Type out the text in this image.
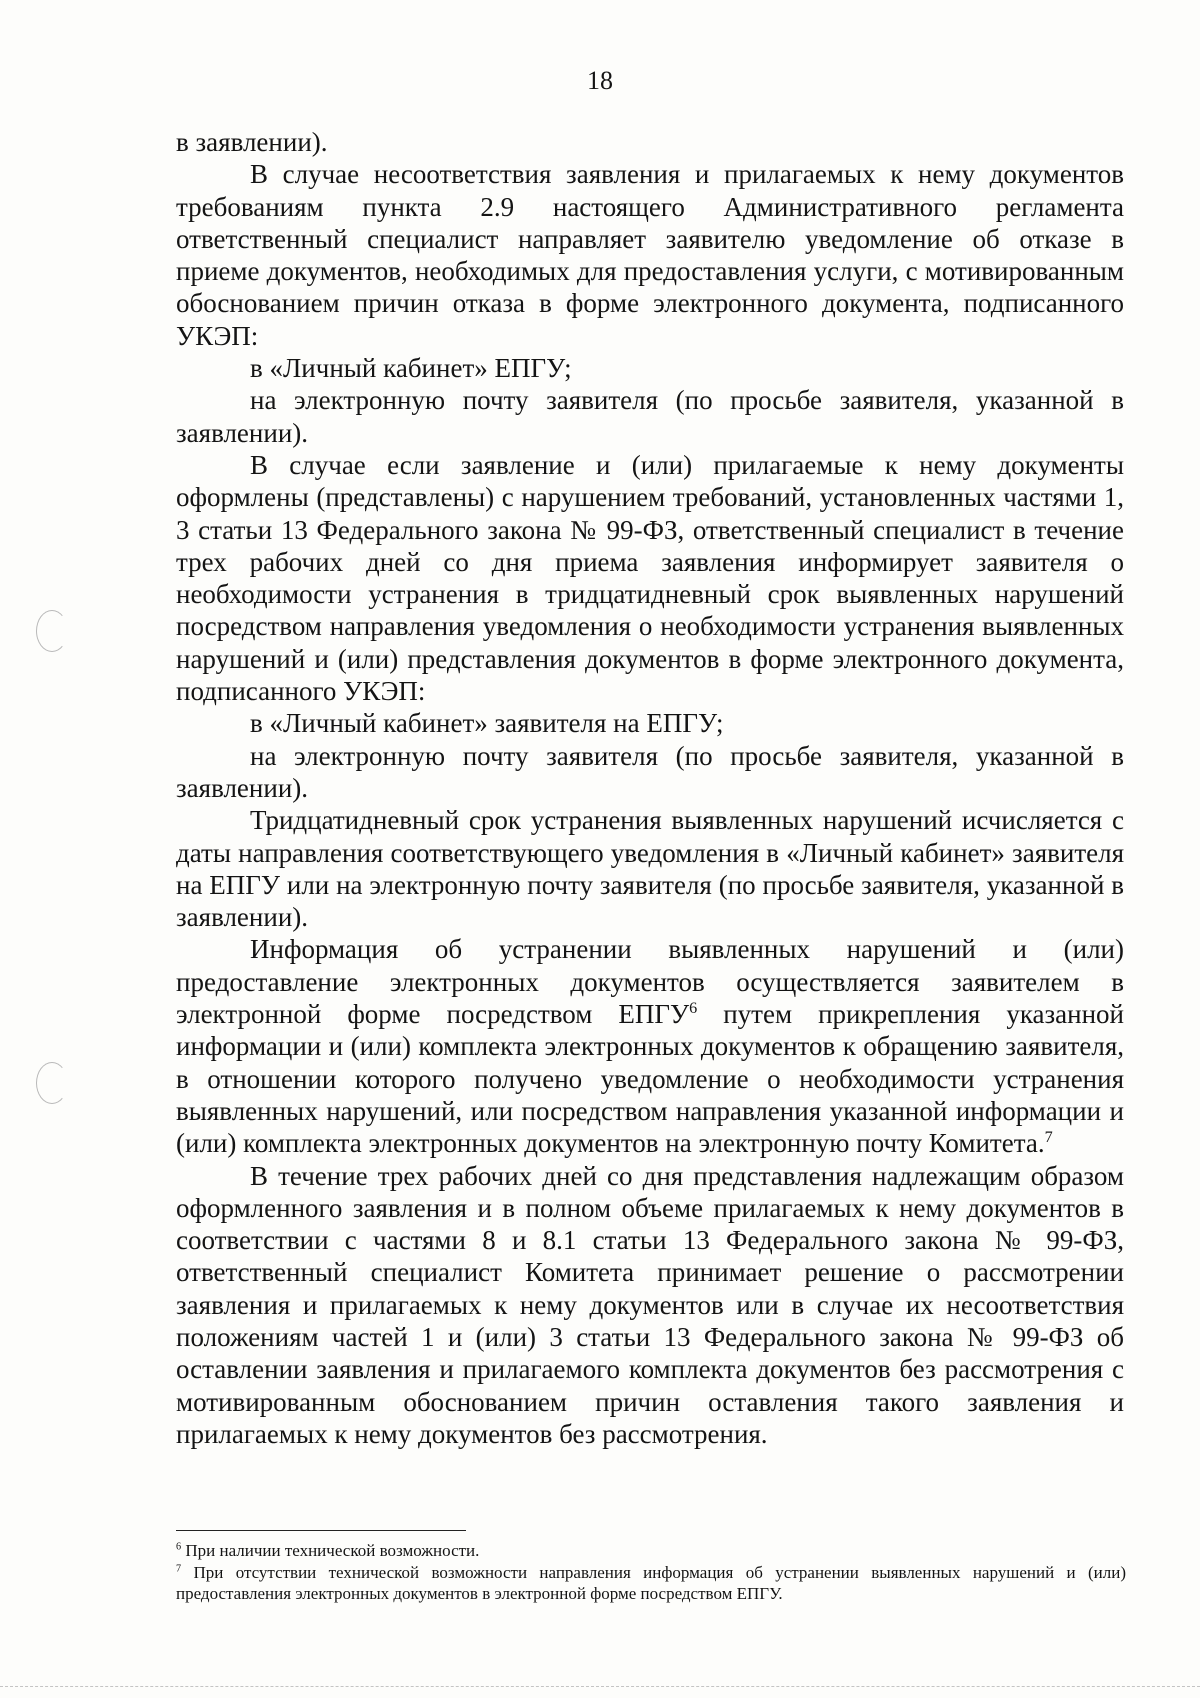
18

в заявлении).

В случае несоответствия заявления и прилагаемых к нему документов требованиям пункта 2.9 настоящего Административного регламента ответственный специалист направляет заявителю уведомление об отказе в приеме документов, необходимых для предоставления услуги, с мотивированным обоснованием причин отказа в форме электронного документа, подписанного УКЭП:

в «Личный кабинет» ЕПГУ;

на электронную почту заявителя (по просьбе заявителя, указанной в заявлении).

В случае если заявление и (или) прилагаемые к нему документы оформлены (представлены) с нарушением требований, установленных частями 1, 3 статьи 13 Федерального закона № 99-ФЗ, ответственный специалист в течение трех рабочих дней со дня приема заявления информирует заявителя о необходимости устранения в тридцатидневный срок выявленных нарушений посредством направления уведомления о необходимости устранения выявленных нарушений и (или) представления документов в форме электронного документа, подписанного УКЭП:

в «Личный кабинет» заявителя на ЕПГУ;

на электронную почту заявителя (по просьбе заявителя, указанной в заявлении).

Тридцатидневный срок устранения выявленных нарушений исчисляется с даты направления соответствующего уведомления в «Личный кабинет» заявителя на ЕПГУ или на электронную почту заявителя (по просьбе заявителя, указанной в заявлении).

Информация об устранении выявленных нарушений и (или) предоставление электронных документов осуществляется заявителем в электронной форме посредством ЕПГУ$^6$ путем прикрепления указанной информации и (или) комплекта электронных документов к обращению заявителя, в отношении которого получено уведомление о необходимости устранения выявленных нарушений, или посредством направления указанной информации и (или) комплекта электронных документов на электронную почту Комитета.$^7$

В течение трех рабочих дней со дня представления надлежащим образом оформленного заявления и в полном объеме прилагаемых к нему документов в соответствии с частями 8 и 8.1 статьи 13 Федерального закона № 99-ФЗ, ответственный специалист Комитета принимает решение о рассмотрении заявления и прилагаемых к нему документов или в случае их несоответствия положениям частей 1 и (или) 3 статьи 13 Федерального закона № 99-ФЗ об оставлении заявления и прилагаемого комплекта документов без рассмотрения с мотивированным обоснованием причин оставления такого заявления и прилагаемых к нему документов без рассмотрения.

$^6$ При наличии технической возможности.

$^7$ При отсутствии технической возможности направления информация об устранении выявленных нарушений и (или) предоставления электронных документов в электронной форме посредством ЕПГУ.
